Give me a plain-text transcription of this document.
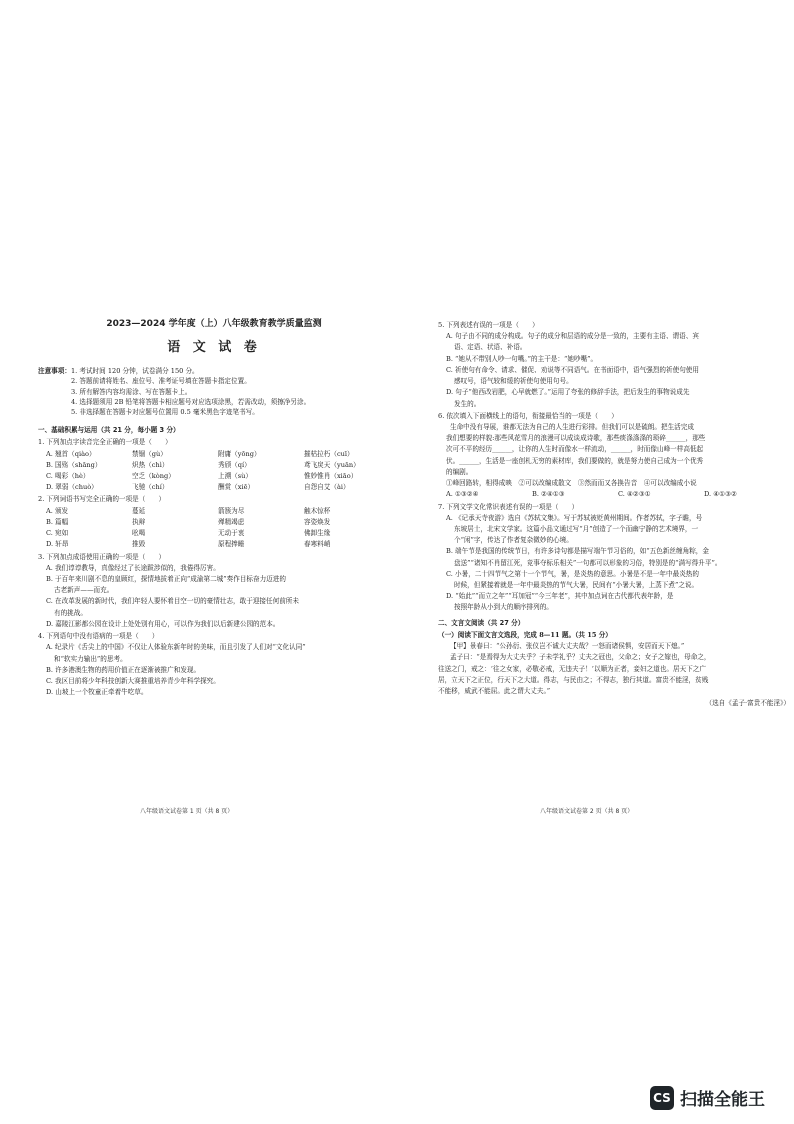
2023—2024 学年度（上）八年级教育教学质量监测
语 文 试 卷
注意事项： 1. 考试时间 120 分钟，试卷满分 150 分。
2. 答题前请将姓名、座位号、准考证号填在答题卡指定位置。
3. 所有解答内容均需涂、写在答题卡上。
4. 选择题须用 2B 铅笔将答题卡相应题号对应选项涂黑，若需改动，须擦净另涂。
5. 非选择题在答题卡对应题号位置用 0.5 毫米黑色字迹笔书写。
一、基础积累与运用（共 21 分，每小题 3 分）
1. 下列加点字读音完全正确的一项是（　　）
A. 翘首（qiào）	禁锢（gù）	附庸（yōng）	摧枯拉朽（cuī）
B. 国殇（shāng）	炽热（chì）	秀颀（qí）	鸢飞戾天（yuān）
C. 喝彩（hè）	空乏（kòng）	上溯（sù）	惟妙惟肖（xiāo）
D. 翠弱（chuò）	飞驰（chí）	酬赏（xiē）	自怨自艾（ài）
2. 下列词语书写完全正确的一项是（　　）
A. 颁发	蔓延	箭簇为尽	触木惊杯
B. 篇幅	执辩	殚精竭虑	容姿焕发
C. 宛如	吆喝	无动于衷	佛卸生缘
D. 轩昂	推毁	原程捧睡	春寒料峭
3. 下列加点成语使用正确的一项是（　　）
A. 我们谆谆教导，真像经过了长途跋涉似的，我倦得厉害。
B. 于百年来川剧不息的皇顾红，探情地拔着正向“成渝第二城”奏作目标奋力迈进的
古老新声——而充。
C. 在改革发展的新时代，我们年轻人要怀着目空一切的豪情壮志，敢于迎接任何前所未
有的挑战。
D. 嘉陵江影都公园在设计上处处别有用心，可以作为我们以后新建公园的范本。
4. 下列语句中没有语病的一项是（　　）
A. 纪录片《舌尖上的中国》不仅让人体验东新年时的美味，而且引发了人们对“文化认同”
和“软实力输出”的思考。
B. 许多港澳生物的药用价值正在逐渐被推广和发现。
C. 我区目前将少年科技创新大赛推重培养青少年科学探究。
D. 山坡上一个牧童正牵着牛吃草。
八年级语文试卷第 1 页（共 8 页）
5. 下列表述有误的一项是（　　）
A. 句子由不同的成分构成。句子的成分和层语的成分是一致的，主要有主语、谓语、宾
语、定语、状语、补语。
B. “她从不带别人吵一句嘴。”的主干是：“她吵嘴”。
C. 祈使句有命令、请求、催促、劝说等不同语气。在书面语中，语气强烈的祈使句使用
感叹号，语气较和缓的祈使句使用句号。
D. 句子“他西改岩肥，心早就燃了。”运用了夸张的修辞手法，把后发生的事物说成先
发生的。
6. 依次填入下面横线上的语句，衔接最恰当的一项是（　　）
生命中没有导展，谁都无法为自己的人生进行彩排。但我们可以是硫朗。把生活完成
我们想要的样貌:那些风花雪月的浪漫可以成谈成诗歌，那些痰涤涤涤的琐碎______，那些
次可不平的经历______，让你的人生时而像水一样流动，______，时而像山峰一样高低起
伏。______，生活是一座创札无穷的素材库，我们要做的，就是努力使自己成为一个优秀
的编剧。
①峰回路转，相得成映　②可以改编成散文　③然而而又各换告音　④可以改编成小说
A. ①③②④	B. ②④①③	C. ④②③①	D. ④①③②
7. 下列文学文化常识表述有误的一项是（　　）
A. 《记承天寺夜游》选自《苏轼文集》。写于苏轼被贬黄州期间。作者苏轼，字子瞻，号
东坡居士，北宋文学家。这篇小品文通过写“月”创造了一个而幽宁静的艺术境界，一
个“闲”字，传达了作者复杂微妙的心境。
B. 端午节是我国的传统节日，有许多诗句都是描写端午节习俗的，如“五色新丝缠角粽，金
盘送”“诸知不肖留江死，竞事夺标乐相关”一句都可以形象的习俗，特别是的“满写得升平”。
C. 小暑，二十四节气之第十一个节气，暑，是炎热的意思。小暑是不是一年中最炎热的
时候，但紧接着就是一年中最炎热的节气大暑，民间有“小暑大暑，上蒸下煮”之说。
D. “始此”“而立之年”“耳加冠”“今三年老”，其中加点词在古代都代表年龄，是
按照年龄从小到大的顺序排列的。
二、文言文阅读（共 27 分）
（一）阅读下面文言文选段，完成 8—11 题。（共 15 分）
【甲】景春曰：“公孙衍、张仪岂不诚大丈夫哉？一怒而诸侯惧，安居而天下熄。”
孟子曰：“是焉得为大丈夫乎？子未学礼乎？丈夫之冠也，父命之；女子之嫁也，母命之，
往送之门，戒之：‘往之女家，必敬必戒，无违夫子！’以顺为正者，妾妇之道也。居天下之广
居，立天下之正位，行天下之大道。得志，与民由之；不得志，独行其道。富贵不能淫，贫贱
不能移，威武不能屈。此之谓大丈夫。”
（选自《孟子·富贵不能淫》）
八年级语文试卷第 2 页（共 8 页）
CS 扫描全能王
